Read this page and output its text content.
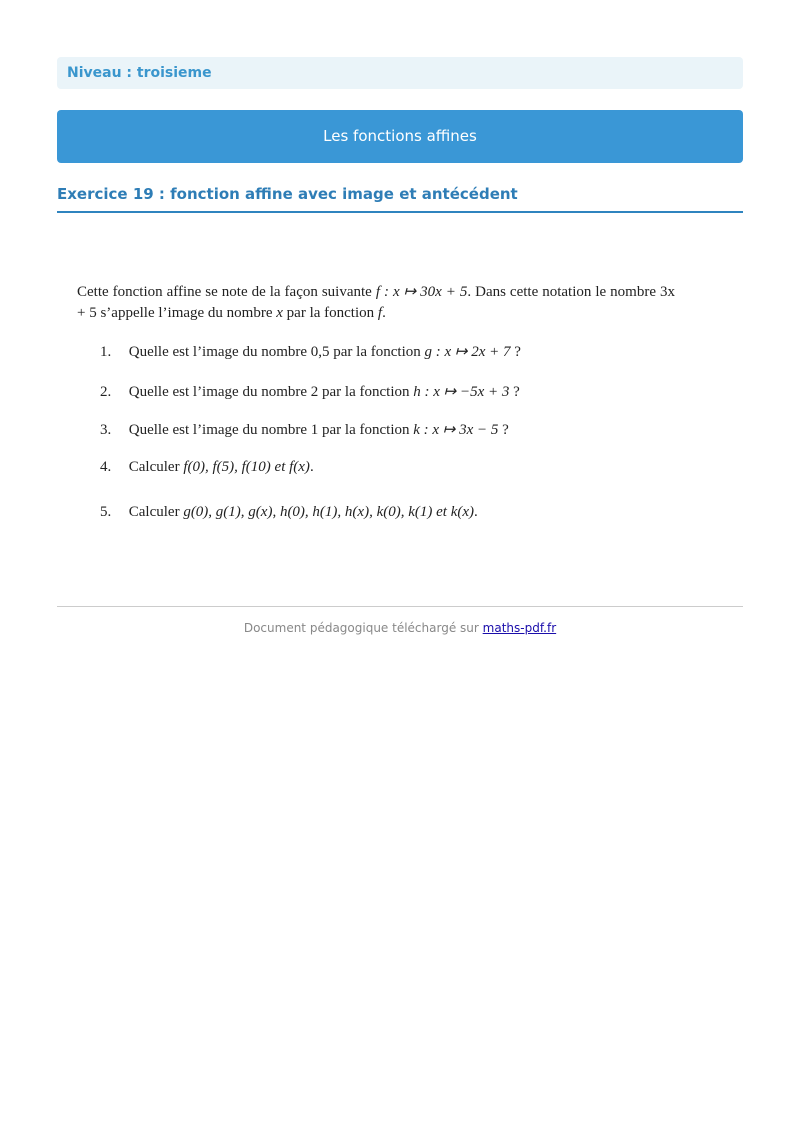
Niveau : troisieme
Les fonctions affines
Exercice 19 : fonction affine avec image et antécédent

Cette fonction affine se note de la façon suivante f : x ↦ 30x + 5. Dans cette notation le nombre 3x + 5 s’appelle l’image du nombre x par la fonction f.

1. Quelle est l’image du nombre 0,5 par la fonction g : x ↦ 2x + 7 ?
2. Quelle est l’image du nombre 2 par la fonction h : x ↦ −5x + 3 ?
3. Quelle est l’image du nombre 1 par la fonction k : x ↦ 3x − 5 ?
4. Calculer f(0), f(5), f(10) et f(x).
5. Calculer g(0), g(1), g(x), h(0), h(1), h(x), k(0), k(1) et k(x).
Document pédagogique téléchargé sur maths-pdf.fr
